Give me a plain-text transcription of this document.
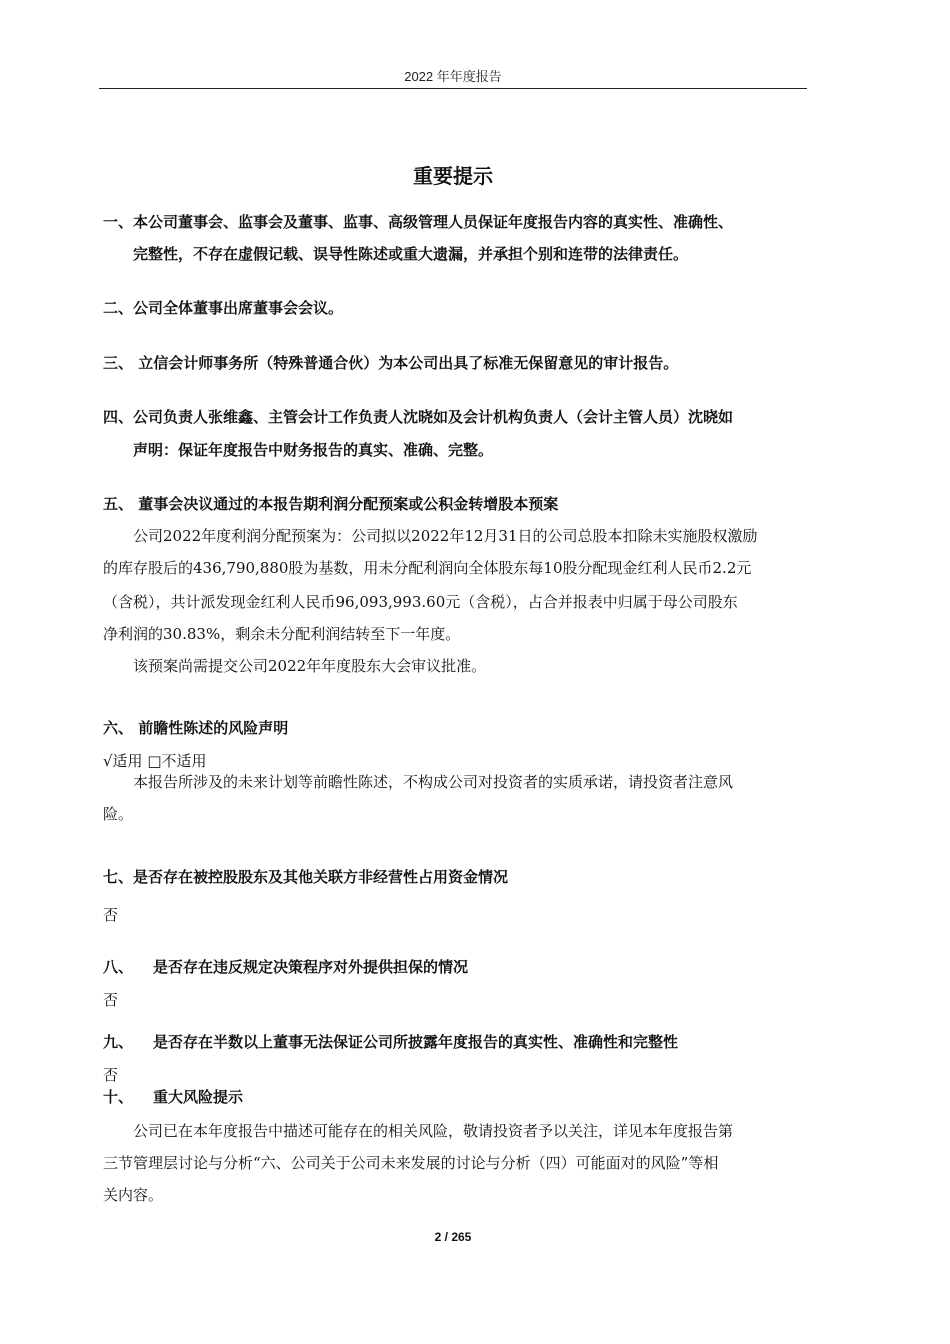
2022 年年度报告
重要提示
一、本公司董事会、监事会及董事、监事、高级管理人员保证年度报告内容的真实性、准确性、
完整性，不存在虚假记载、误导性陈述或重大遗漏，并承担个别和连带的法律责任。
二、公司全体董事出席董事会会议。
三、 立信会计师事务所（特殊普通合伙）为本公司出具了标准无保留意见的审计报告。
四、公司负责人张维鑫、主管会计工作负责人沈晓如及会计机构负责人（会计主管人员）沈晓如
声明：保证年度报告中财务报告的真实、准确、完整。
五、 董事会决议通过的本报告期利润分配预案或公积金转增股本预案
公司2022年度利润分配预案为：公司拟以2022年12月31日的公司总股本扣除未实施股权激励
的库存股后的436,790,880股为基数，用未分配利润向全体股东每10股分配现金红利人民币2.2元
（含税），共计派发现金红利人民币96,093,993.60元（含税），占合并报表中归属于母公司股东
净利润的30.83%，剩余未分配利润结转至下一年度。
该预案尚需提交公司2022年年度股东大会审议批准。
六、 前瞻性陈述的风险声明
√适用 □不适用
本报告所涉及的未来计划等前瞻性陈述，不构成公司对投资者的实质承诺，请投资者注意风
险。
七、是否存在被控股股东及其他关联方非经营性占用资金情况
否
八、 是否存在违反规定决策程序对外提供担保的情况
否
九、 是否存在半数以上董事无法保证公司所披露年度报告的真实性、准确性和完整性
否
十、 重大风险提示
公司已在本年度报告中描述可能存在的相关风险，敬请投资者予以关注，详见本年度报告第
三节管理层讨论与分析“六、公司关于公司未来发展的讨论与分析（四）可能面对的风险”等相
关内容。
2 / 265
